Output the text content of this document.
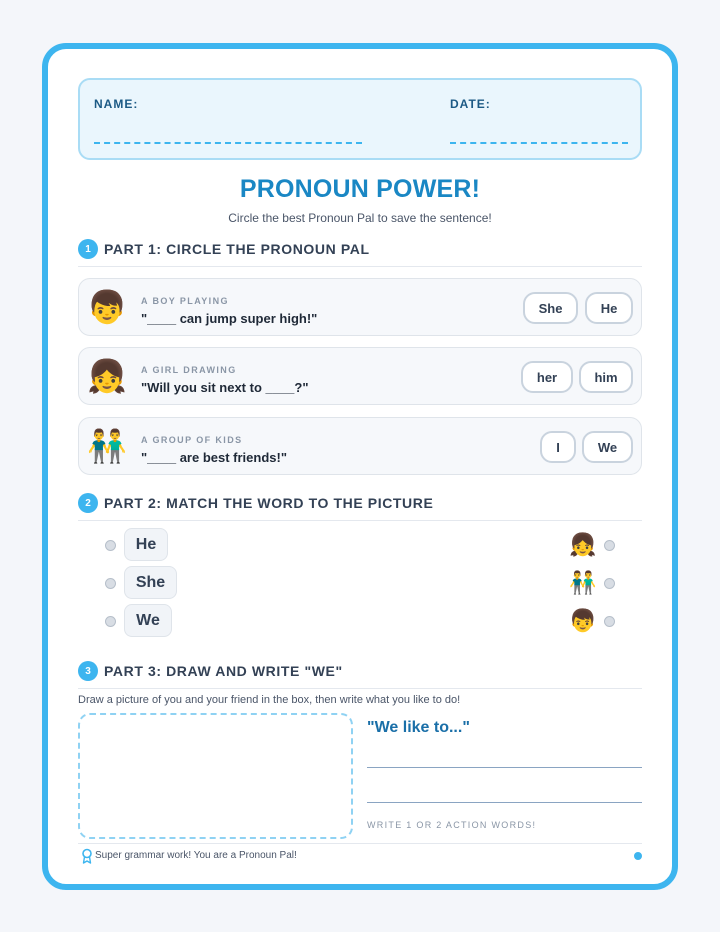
NAME:	DATE:
PRONOUN POWER!
Circle the best Pronoun Pal to save the sentence!
1 PART 1: CIRCLE THE PRONOUN PAL
👦 A BOY PLAYING
"____ can jump super high!"
She	He
👧 A GIRL DRAWING
"Will you sit next to ____?"
her	him
👬 A GROUP OF KIDS
"____ are best friends!"
I	We
2 PART 2: MATCH THE WORD TO THE PICTURE
He	👧
She	👬
We	👦
3 PART 3: DRAW AND WRITE "WE"
Draw a picture of you and your friend in the box, then write what you like to do!
"We like to..."
WRITE 1 OR 2 ACTION WORDS!
Super grammar work! You are a Pronoun Pal!
